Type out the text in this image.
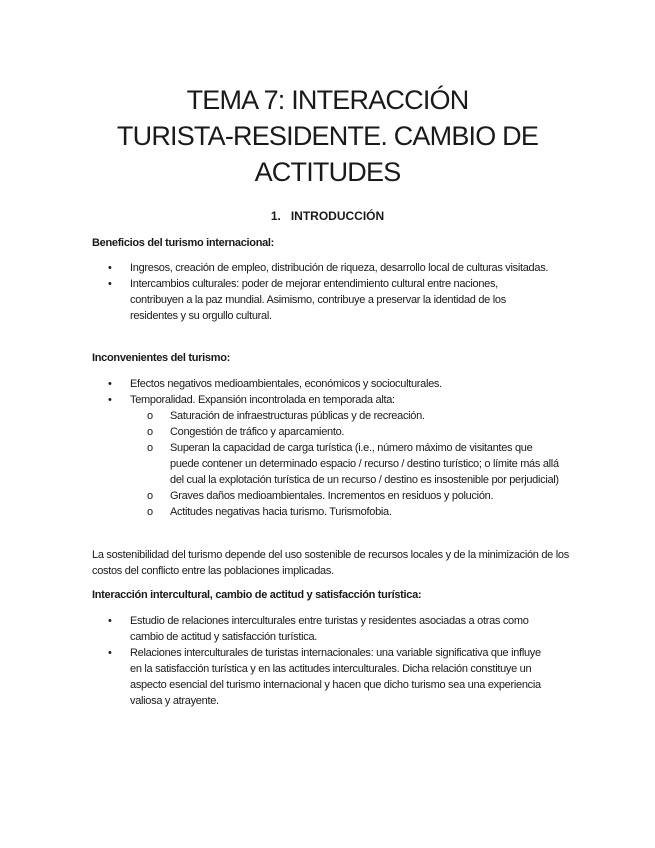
TEMA 7: INTERACCIÓN
TURISTA-RESIDENTE. CAMBIO DE
ACTITUDES
1. INTRODUCCIÓN
Beneficios del turismo internacional:
• Ingresos, creación de empleo, distribución de riqueza, desarrollo local de culturas visitadas.
• Intercambios culturales: poder de mejorar entendimiento cultural entre naciones, contribuyen a la paz mundial. Asimismo, contribuye a preservar la identidad de los residentes y su orgullo cultural.
Inconvenientes del turismo:
• Efectos negativos medioambientales, económicos y socioculturales.
• Temporalidad. Expansión incontrolada en temporada alta:
o Saturación de infraestructuras públicas y de recreación.
o Congestión de tráfico y aparcamiento.
o Superan la capacidad de carga turística (i.e., número máximo de visitantes que puede contener un determinado espacio / recurso / destino turístico; o límite más allá del cual la explotación turística de un recurso / destino es insostenible por perjudicial)
o Graves daños medioambientales. Incrementos en residuos y polución.
o Actitudes negativas hacia turismo. Turismofobia.
La sostenibilidad del turismo depende del uso sostenible de recursos locales y de la minimización de los costos del conflicto entre las poblaciones implicadas.
Interacción intercultural, cambio de actitud y satisfacción turística:
• Estudio de relaciones interculturales entre turistas y residentes asociadas a otras como cambio de actitud y satisfacción turística.
• Relaciones interculturales de turistas internacionales: una variable significativa que influye en la satisfacción turística y en las actitudes interculturales. Dicha relación constituye un aspecto esencial del turismo internacional y hacen que dicho turismo sea una experiencia valiosa y atrayente.
